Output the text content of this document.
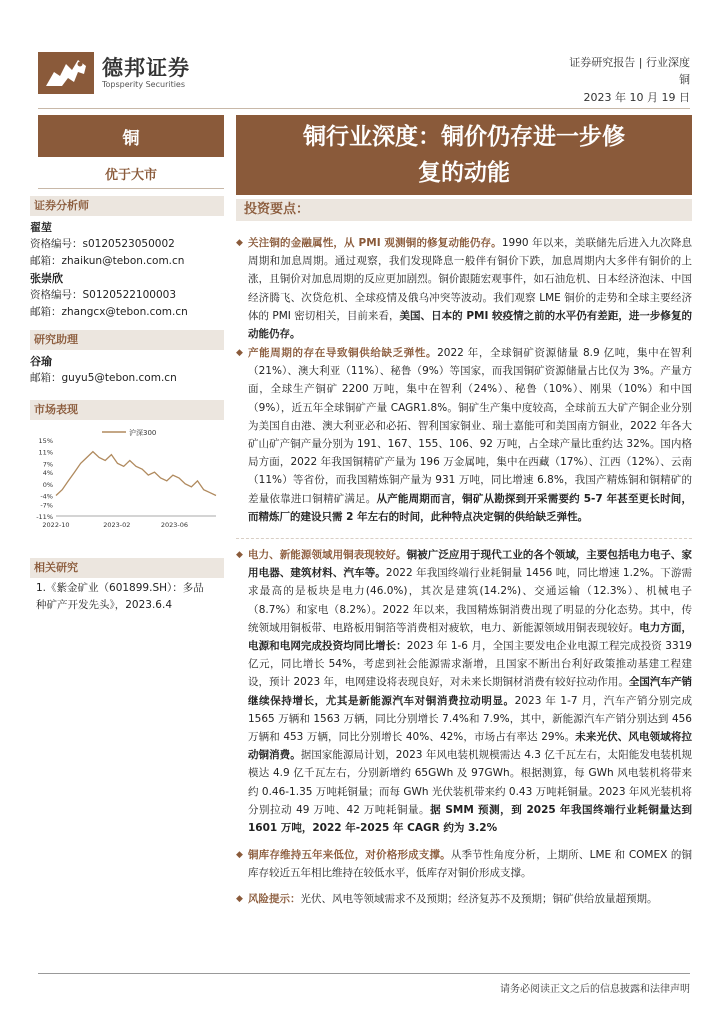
德邦证券
Topsperity Securities
证券研究报告 | 行业深度
铜
2023 年 10 月 19 日
铜
优于大市
证券分析师
翟堃
资格编号：s0120523050002
邮箱：zhaikun@tebon.com.cn
张崇欣
资格编号：S0120522100003
邮箱：zhangcx@tebon.com.cn
研究助理
谷瑜
邮箱：guyu5@tebon.com.cn
市场表现
15%
11%
7%
4%
0%
-4%
-7%
-11%
2022-10	2023-02	2023-06
沪深300
相关研究
1.《紫金矿业（601899.SH）：多品
种矿产开发先头》，2023.6.4
铜行业深度：铜价仍存进一步修
复的动能
投资要点：
◆ 关注铜的金融属性，从 PMI 观测铜的修复动能仍存。1990 年以来，美联储先后进入九次降息周期和加息周期。通过观察，我们发现降息一般伴有铜价下跌，加息周期内大多伴有铜价的上涨，且铜价对加息周期的反应更加剧烈。铜价跟随宏观事件，如石油危机、日本经济泡沫、中国经济腾飞、次贷危机、全球疫情及俄乌冲突等波动。我们观察 LME 铜价的走势和全球主要经济体的 PMI 密切相关，目前来看，美国、日本的 PMI 较疫情之前的水平仍有差距，进一步修复的动能仍存。
◆ 产能周期的存在导致铜供给缺乏弹性。2022 年，全球铜矿资源储量 8.9 亿吨，集中在智利（21%）、澳大利亚（11%）、秘鲁（9%）等国家，而我国铜矿资源储量占比仅为 3%。产量方面，全球生产铜矿 2200 万吨，集中在智利（24%）、秘鲁（10%）、刚果（10%）和中国（9%），近五年全球铜矿产量 CAGR1.8%。铜矿生产集中度较高，全球前五大矿产铜企业分别为美国自由港、澳大利亚必和必拓、智利国家铜业、瑞士嘉能可和美国南方铜业，2022 年各大矿山矿产铜产量分别为 191、167、155、106、92 万吨，占全球产量比重约达 32%。国内格局方面，2022 年我国铜精矿产量为 196 万金属吨，集中在西藏（17%）、江西（12%）、云南（11%）等省份，而我国精炼铜产量为 931 万吨，同比增速 6.8%，我国产精炼铜和铜精矿的差量依靠进口铜精矿满足。从产能周期而言，铜矿从勘探到开采需要约 5-7 年甚至更长时间，而精炼厂的建设只需 2 年左右的时间，此种特点决定铜的供给缺乏弹性。
◆ 电力、新能源领域用铜表现较好。铜被广泛应用于现代工业的各个领域，主要包括电力电子、家用电器、建筑材料、汽车等。2022 年我国终端行业耗铜量 1456 吨，同比增速 1.2%。下游需求最高的是板块是电力(46.0%)，其次是建筑(14.2%)、交通运输（12.3%）、机械电子（8.7%）和家电（8.2%）。2022 年以来，我国精炼铜消费出现了明显的分化态势。其中，传统领域用铜板带、电路板用铜箔等消费相对疲软，电力、新能源领域用铜表现较好。电力方面，电源和电网完成投资均同比增长：2023 年 1-6 月，全国主要发电企业电源工程完成投资 3319 亿元，同比增长 54%，考虑到社会能源需求渐增，且国家不断出台利好政策推动基建工程建设，预计 2023 年，电网建设将表现良好，对未来长期铜材消费有较好拉动作用。全国汽车产销继续保持增长，尤其是新能源汽车对铜消费拉动明显。2023 年 1-7 月，汽车产销分别完成 1565 万辆和 1563 万辆，同比分别增长 7.4%和 7.9%，其中，新能源汽车产销分别达到 456 万辆和 453 万辆，同比分别增长 40%、42%，市场占有率达 29%。未来光伏、风电领域将拉动铜消费。据国家能源局计划，2023 年风电装机规模需达 4.3 亿千瓦左右，太阳能发电装机规模达 4.9 亿千瓦左右，分别新增约 65GWh 及 97GWh。根据测算，每 GWh 风电装机将带来约 0.46-1.35 万吨耗铜量；而每 GWh 光伏装机带来约 0.43 万吨耗铜量。2023 年风光装机将分别拉动 49 万吨、42 万吨耗铜量。据 SMM 预测，到 2025 年我国终端行业耗铜量达到 1601 万吨，2022 年-2025 年 CAGR 约为 3.2%
◆ 铜库存维持五年来低位，对价格形成支撑。从季节性角度分析，上期所、LME 和 COMEX 的铜库存较近五年相比维持在较低水平，低库存对铜价形成支撑。
◆ 风险提示：光伏、风电等领域需求不及预期；经济复苏不及预期；铜矿供给放量超预期。
请务必阅读正文之后的信息披露和法律声明
